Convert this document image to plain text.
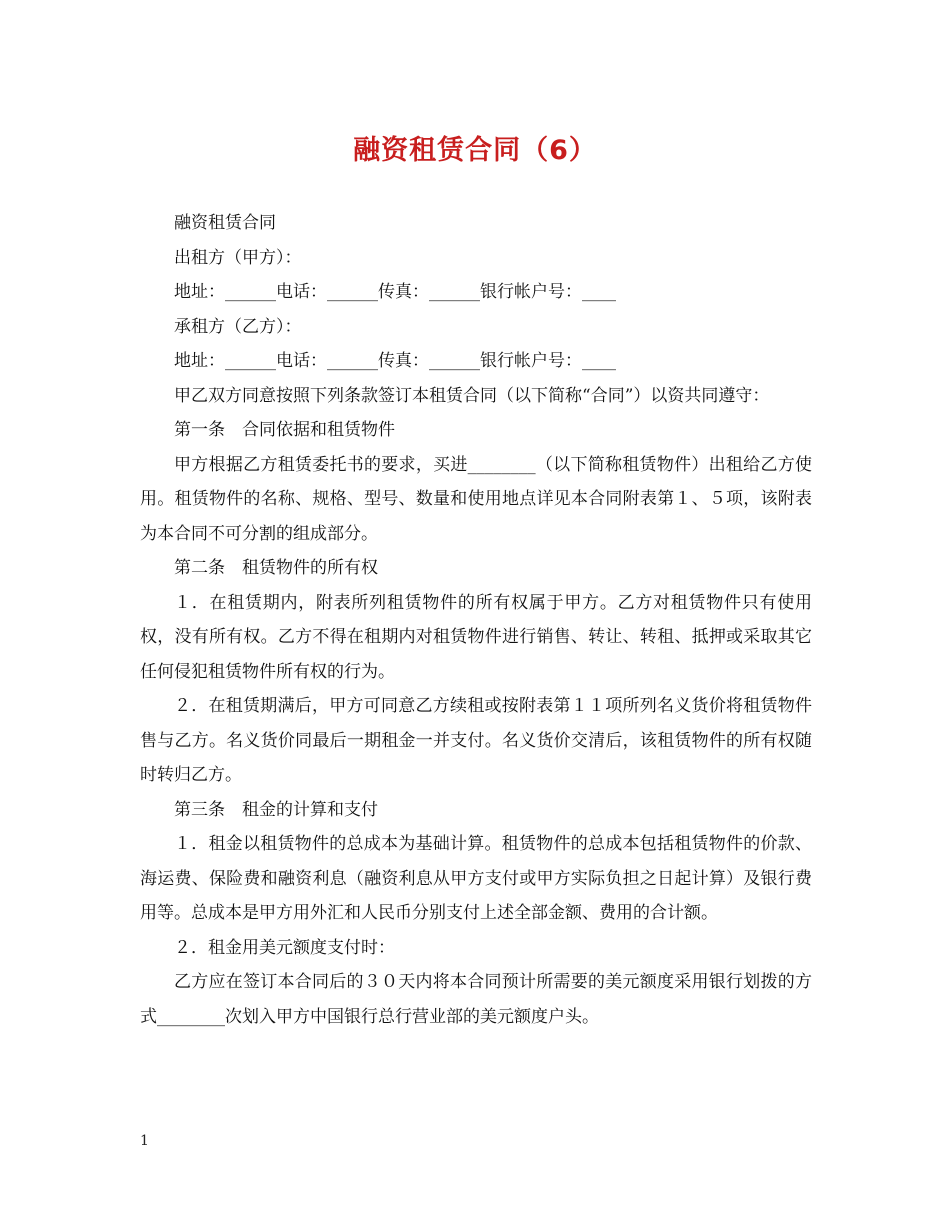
融资租赁合同（6）

融资租赁合同

出租方（甲方）：

地址：______电话：______传真：______银行帐户号：____

承租方（乙方）：

地址：______电话：______传真：______银行帐户号：____

甲乙双方同意按照下列条款签订本租赁合同（以下简称“合同”）以资共同遵守：

第一条　合同依据和租赁物件

甲方根据乙方租赁委托书的要求，买进________（以下简称租赁物件）出租给乙方使用。租赁物件的名称、规格、型号、数量和使用地点详见本合同附表第１、５项，该附表为本合同不可分割的组成部分。

第二条　租赁物件的所有权

１．在租赁期内，附表所列租赁物件的所有权属于甲方。乙方对租赁物件只有使用权，没有所有权。乙方不得在租期内对租赁物件进行销售、转让、转租、抵押或采取其它任何侵犯租赁物件所有权的行为。

２．在租赁期满后，甲方可同意乙方续租或按附表第１１项所列名义货价将租赁物件售与乙方。名义货价同最后一期租金一并支付。名义货价交清后，该租赁物件的所有权随时转归乙方。

第三条　租金的计算和支付

１．租金以租赁物件的总成本为基础计算。租赁物件的总成本包括租赁物件的价款、海运费、保险费和融资利息（融资利息从甲方支付或甲方实际负担之日起计算）及银行费用等。总成本是甲方用外汇和人民币分别支付上述全部金额、费用的合计额。

２．租金用美元额度支付时：

乙方应在签订本合同后的３０天内将本合同预计所需要的美元额度采用银行划拨的方式________次划入甲方中国银行总行营业部的美元额度户头。

1
